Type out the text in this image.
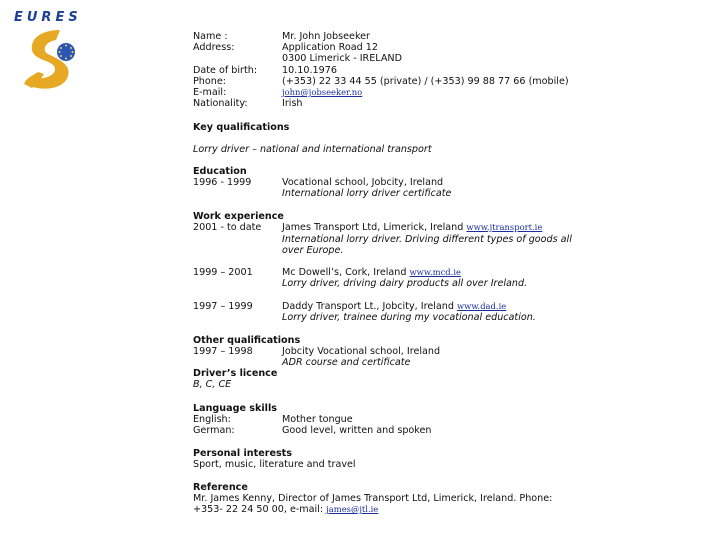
EURES
Name :	Mr. John Jobseeker
Address:	Application Road 12
0300 Limerick - IRELAND
Date of birth:	10.10.1976
Phone:	(+353) 22 33 44 55 (private) / (+353) 99 88 77 66 (mobile)
E-mail:	john@jobseeker.no
Nationality:	Irish
Key qualifications
Lorry driver – national and international transport
Education
1996 - 1999	Vocational school, Jobcity, Ireland
International lorry driver certificate
Work experience
2001 - to date James Transport Ltd, Limerick, Ireland www.jtransport.ie
International lorry driver. Driving different types of goods all
over Europe.
1999 – 2001	Mc Dowell’s, Cork, Ireland www.mcd.ie
Lorry driver, driving dairy products all over Ireland.
1997 – 1999	Daddy Transport Lt., Jobcity, Ireland www.dad.ie
Lorry driver, trainee during my vocational education.
Other qualifications
1997 – 1998	Jobcity Vocational school, Ireland
ADR course and certificate
Driver’s licence
B, C, CE
Language skills
English:	Mother tongue
German:	Good level, written and spoken
Personal interests
Sport, music, literature and travel
Reference
Mr. James Kenny, Director of James Transport Ltd, Limerick, Ireland. Phone:
+353- 22 24 50 00, e-mail: james@jtl.ie
